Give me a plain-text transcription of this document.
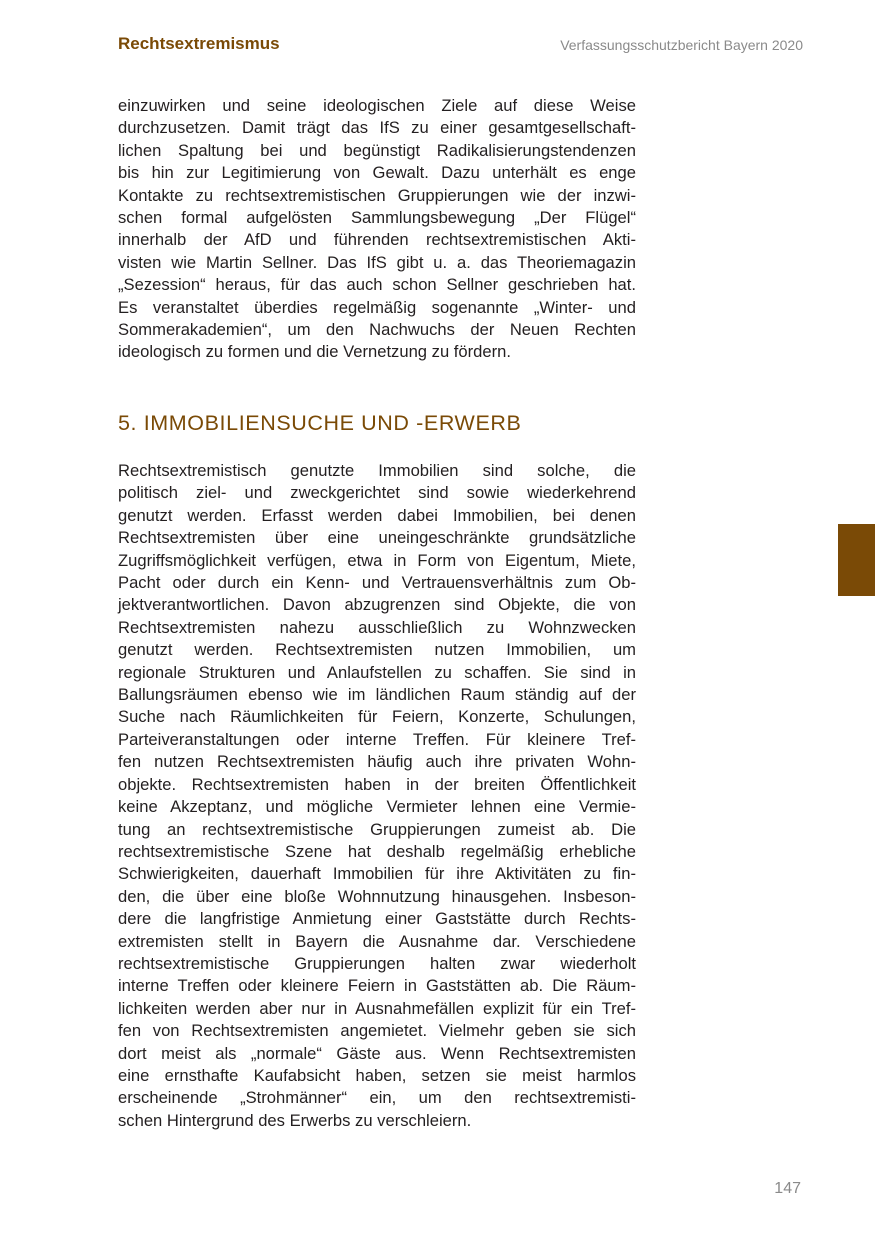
Rechtsextremismus	Verfassungsschutzbericht Bayern 2020
einzuwirken und seine ideologischen Ziele auf diese Weise
durchzusetzen. Damit trägt das IfS zu einer gesamtgesellschaft-
lichen Spaltung bei und begünstigt Radikalisierungstendenzen
bis hin zur Legitimierung von Gewalt. Dazu unterhält es enge
Kontakte zu rechtsextremistischen Gruppierungen wie der inzwi-
schen formal aufgelösten Sammlungsbewegung „Der Flügel“
innerhalb der AfD und führenden rechtsextremistischen Akti-
visten wie Martin Sellner. Das IfS gibt u. a. das Theoriemagazin
„Sezession“ heraus, für das auch schon Sellner geschrieben hat.
Es veranstaltet überdies regelmäßig sogenannte „Winter- und
Sommerakademien“, um den Nachwuchs der Neuen Rechten
ideologisch zu formen und die Vernetzung zu fördern.
5. IMMOBILIENSUCHE UND -ERWERB
Rechtsextremistisch genutzte Immobilien sind solche, die
politisch ziel- und zweckgerichtet sind sowie wiederkehrend
genutzt werden. Erfasst werden dabei Immobilien, bei denen
Rechtsextremisten über eine uneingeschränkte grundsätzliche
Zugriffsmöglichkeit verfügen, etwa in Form von Eigentum, Miete,
Pacht oder durch ein Kenn- und Vertrauensverhältnis zum Ob-
jektverantwortlichen. Davon abzugrenzen sind Objekte, die von
Rechtsextremisten nahezu ausschließlich zu Wohnzwecken
genutzt werden. Rechtsextremisten nutzen Immobilien, um
regionale Strukturen und Anlaufstellen zu schaffen. Sie sind in
Ballungsräumen ebenso wie im ländlichen Raum ständig auf der
Suche nach Räumlichkeiten für Feiern, Konzerte, Schulungen,
Parteiveranstaltungen oder interne Treffen. Für kleinere Tref-
fen nutzen Rechtsextremisten häufig auch ihre privaten Wohn-
objekte. Rechtsextremisten haben in der breiten Öffentlichkeit
keine Akzeptanz, und mögliche Vermieter lehnen eine Vermie-
tung an rechtsextremistische Gruppierungen zumeist ab. Die
rechtsextremistische Szene hat deshalb regelmäßig erhebliche
Schwierigkeiten, dauerhaft Immobilien für ihre Aktivitäten zu fin-
den, die über eine bloße Wohnnutzung hinausgehen. Insbeson-
dere die langfristige Anmietung einer Gaststätte durch Rechts-
extremisten stellt in Bayern die Ausnahme dar. Verschiedene
rechtsextremistische Gruppierungen halten zwar wiederholt
interne Treffen oder kleinere Feiern in Gaststätten ab. Die Räum-
lichkeiten werden aber nur in Ausnahmefällen explizit für ein Tref-
fen von Rechtsextremisten angemietet. Vielmehr geben sie sich
dort meist als „normale“ Gäste aus. Wenn Rechtsextremisten
eine ernsthafte Kaufabsicht haben, setzen sie meist harmlos
erscheinende „Strohmänner“ ein, um den rechtsextremisti-
schen Hintergrund des Erwerbs zu verschleiern.
147
